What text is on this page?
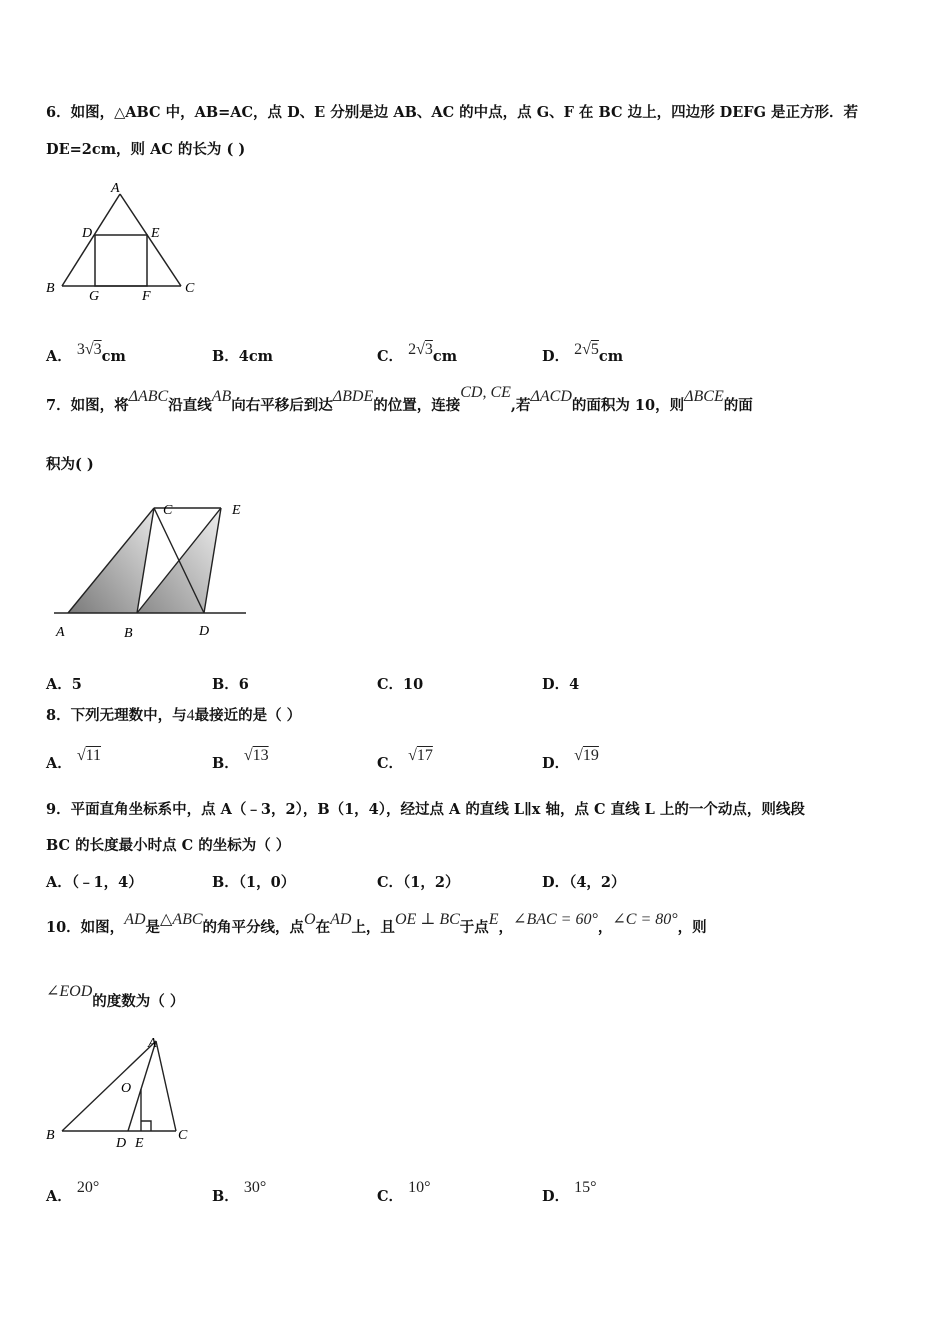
6．如图，△ABC 中，AB=AC，点 D、E 分别是边 AB、AC 的中点，点 G、F 在 BC 边上，四边形 DEFG 是正方形．若
DE=2cm，则 AC 的长为 ( )
A
D	E
B
G	F
C
A． 3√3cm	B．4cm	C． 2√3cm	D． 2√5cm
7．如图，将ΔABC沿直线AB向右平移后到达ΔBDE的位置，连接CD, CE,若ΔACD的面积为 10，则ΔBCE的面
积为( )
C	E
A	B	D
A．5	B．6	C．10	D．4
8．下列无理数中，与4最接近的是（ ）
A． √11	B． √13	C． √17	D． √19
9．平面直角坐标系中，点 A（﹣3，2），B（1，4），经过点 A 的直线 L∥x 轴，点 C 直线 L 上的一个动点，则线段
BC 的长度最小时点 C 的坐标为（ ）
A．（﹣1，4）	B．（1，0）	C．（1，2）	D．（4，2）
10．如图，AD是△ABC的角平分线，点O在AD上，且OE ⊥ BC于点E，∠BAC = 60°，∠C = 80°，则
∠EOD的度数为（ ）
A
O
B
D E
C
A． 20°
B． 30°
C． 10°
D． 15°
